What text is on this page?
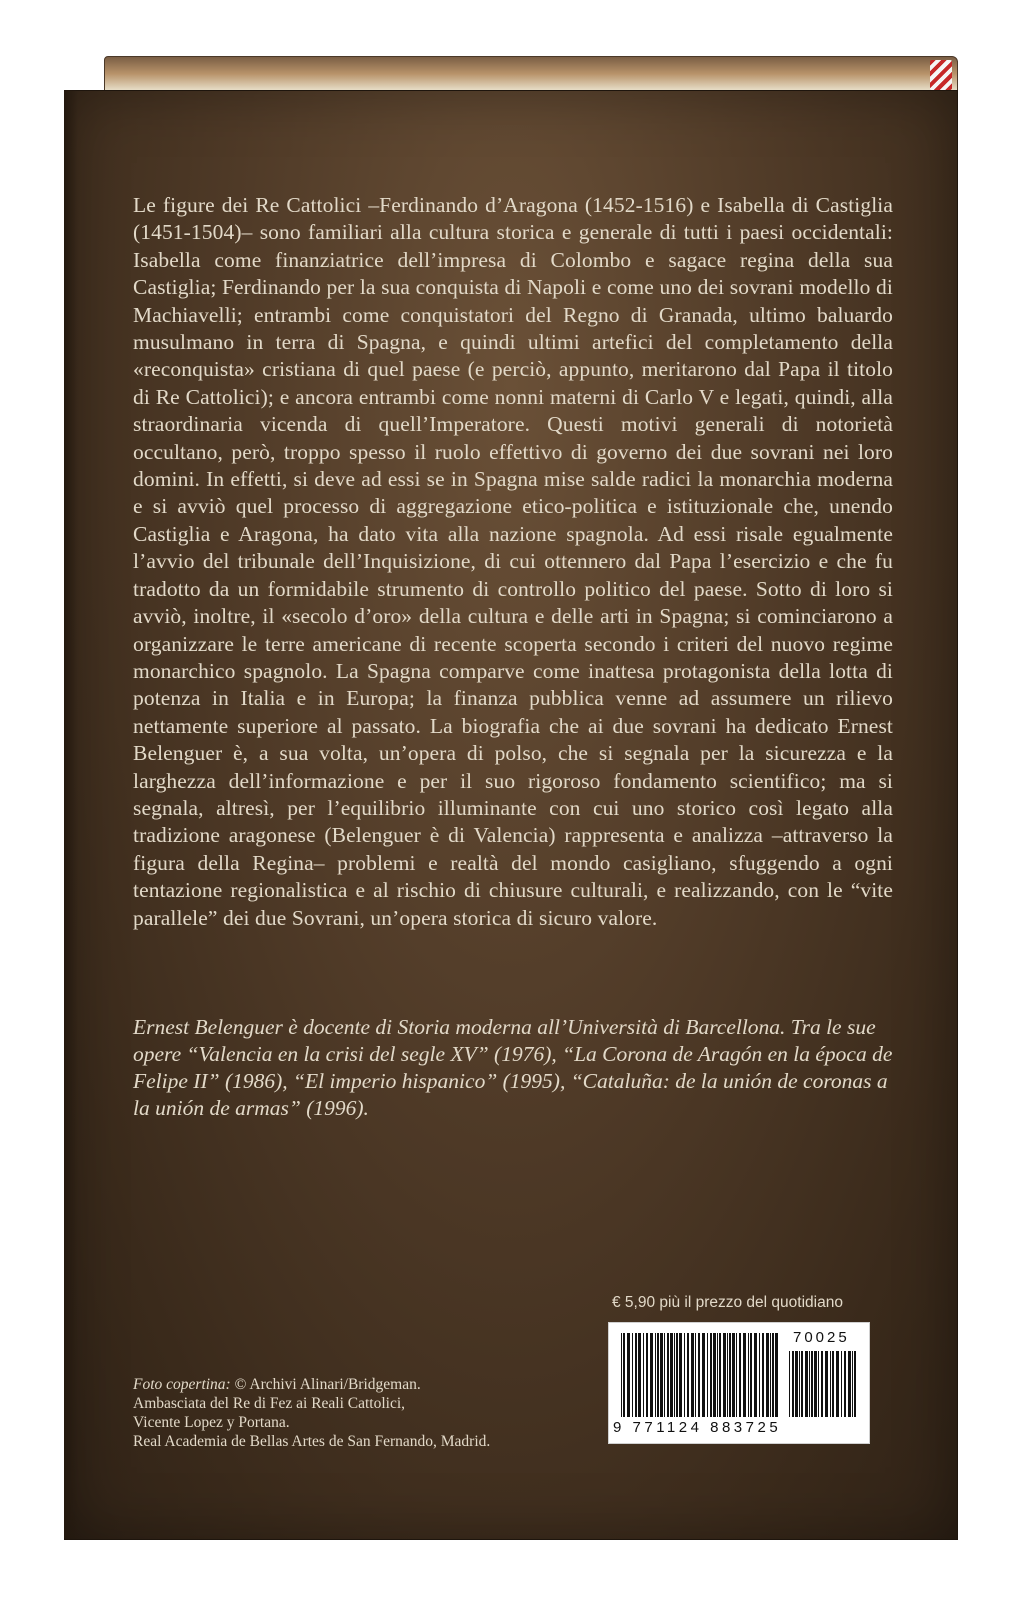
Le figure dei Re Cattolici –Ferdinando d’Aragona (1452-1516) e Isabella di Castiglia (1451-1504)– sono familiari alla cultura storica e generale di tutti i paesi occidentali: Isabella come finanziatrice dell’impresa di Colombo e sagace regina della sua Castiglia; Ferdinando per la sua conquista di Napoli e come uno dei sovrani modello di Machiavelli; entrambi come conquistatori del Regno di Granada, ultimo baluardo musulmano in terra di Spagna, e quindi ultimi artefici del completamento della «reconquista» cristiana di quel paese (e perciò, appunto, meritarono dal Papa il titolo di Re Cattolici); e ancora entrambi come nonni materni di Carlo V e legati, quindi, alla straordinaria vicenda di quell’Imperatore. Questi motivi generali di notorietà occultano, però, troppo spesso il ruolo effettivo di governo dei due sovrani nei loro domini. In effetti, si deve ad essi se in Spagna mise salde radici la monarchia moderna e si avviò quel processo di aggregazione etico-politica e istituzionale che, unendo Castiglia e Aragona, ha dato vita alla nazione spagnola. Ad essi risale egualmente l’avvio del tribunale dell’Inquisizione, di cui ottennero dal Papa l’esercizio e che fu tradotto da un formidabile strumento di controllo politico del paese. Sotto di loro si avviò, inoltre, il «secolo d’oro» della cultura e delle arti in Spagna; si cominciarono a organizzare le terre americane di recente scoperta secondo i criteri del nuovo regime monarchico spagnolo. La Spagna comparve come inattesa protagonista della lotta di potenza in Italia e in Europa; la finanza pubblica venne ad assumere un rilievo nettamente superiore al passato. La biografia che ai due sovrani ha dedicato Ernest Belenguer è, a sua volta, un’opera di polso, che si segnala per la sicurezza e la larghezza dell’informazione e per il suo rigoroso fondamento scientifico; ma si segnala, altresì, per l’equilibrio illuminante con cui uno storico così legato alla tradizione aragonese (Belenguer è di Valencia) rappresenta e analizza –attraverso la figura della Regina– problemi e realtà del mondo casigliano, sfuggendo a ogni tentazione regionalistica e al rischio di chiusure culturali, e realizzando, con le “vite parallele” dei due Sovrani, un’opera storica di sicuro valore.

Ernest Belenguer è docente di Storia moderna all’Università di Barcellona. Tra le sue opere “Valencia en la crisi del segle XV” (1976), “La Corona de Aragón en la época de Felipe II” (1986), “El imperio hispanico” (1995), “Cataluña: de la unión de coronas a la unión de armas” (1996).

Foto copertina: © Archivi Alinari/Bridgeman.
Ambasciata del Re di Fez ai Reali Cattolici,
Vicente Lopez y Portana.
Real Academia de Bellas Artes de San Fernando, Madrid.
€ 5,90 più il prezzo del quotidiano
70025
9 771124 883725
